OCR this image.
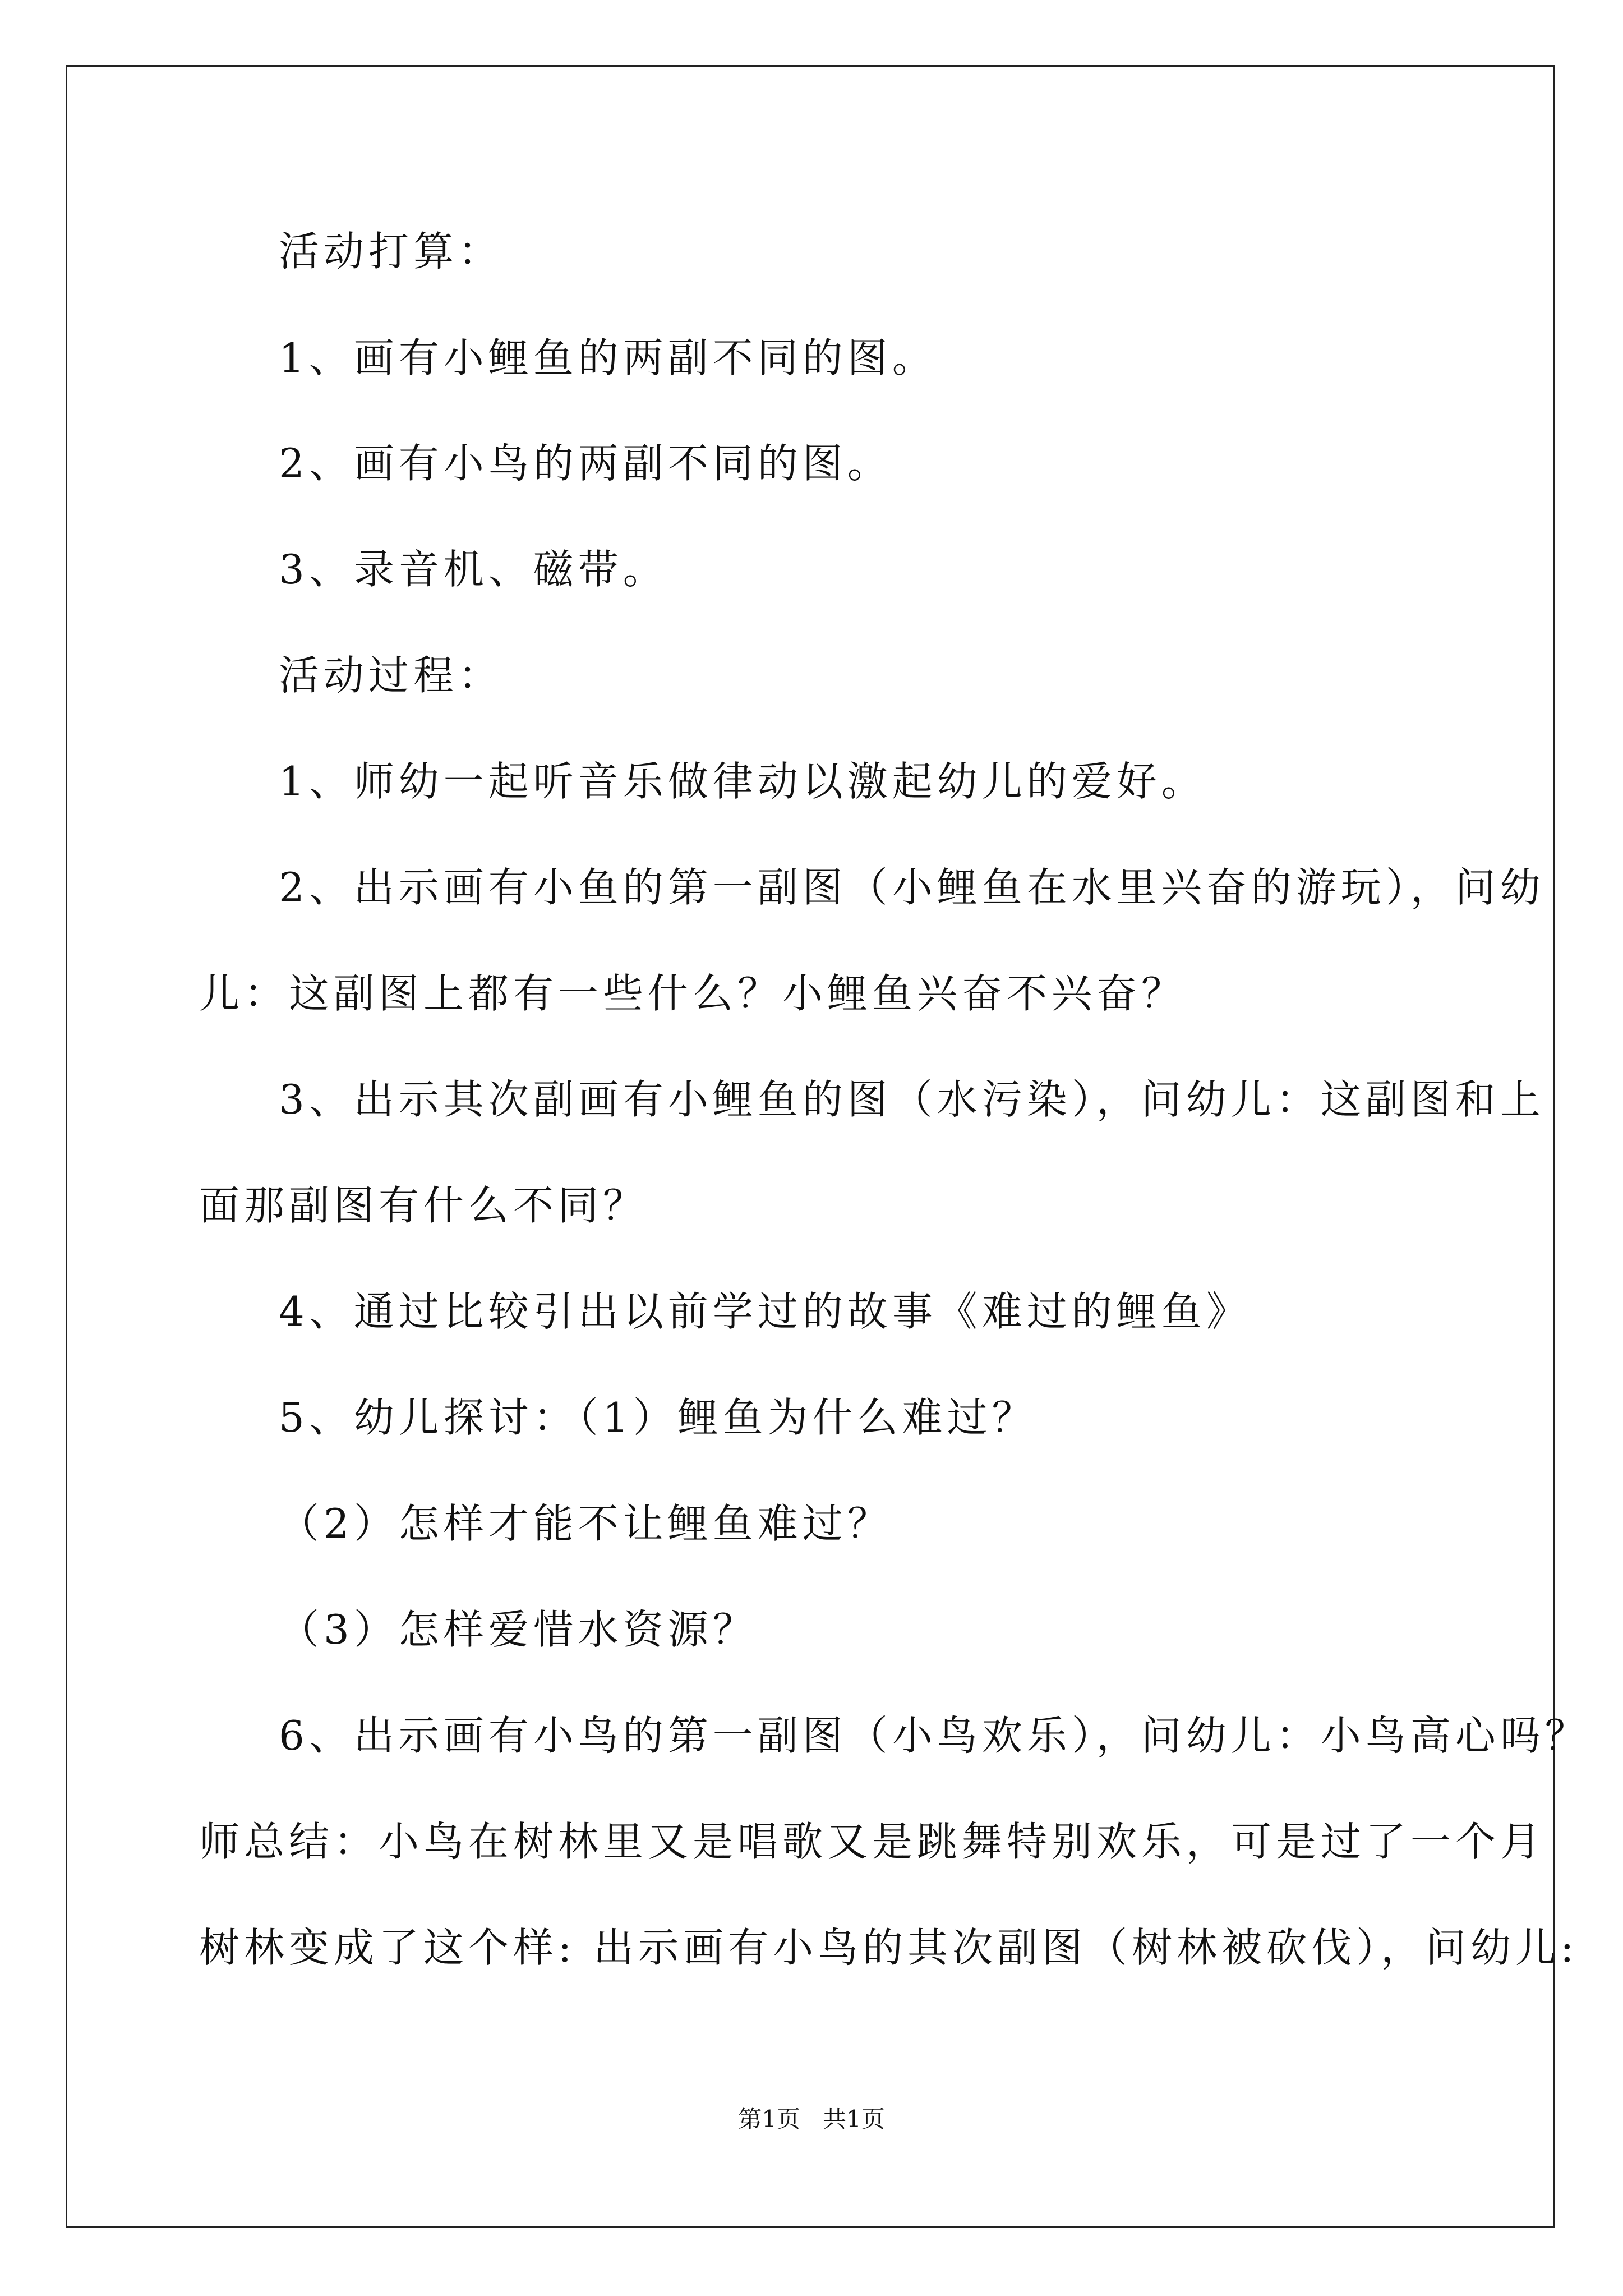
活动打算：
1、画有小鲤鱼的两副不同的图。
2、画有小鸟的两副不同的图。
3、录音机、磁带。
活动过程：
1、师幼一起听音乐做律动以激起幼儿的爱好。
2、出示画有小鱼的第一副图（小鲤鱼在水里兴奋的游玩），问幼
儿：这副图上都有一些什么？小鲤鱼兴奋不兴奋？
3、出示其次副画有小鲤鱼的图（水污染），问幼儿：这副图和上
面那副图有什么不同？
4、通过比较引出以前学过的故事《难过的鲤鱼》
5、幼儿探讨：（1）鲤鱼为什么难过？
（2）怎样才能不让鲤鱼难过？
（3）怎样爱惜水资源？
6、出示画有小鸟的第一副图（小鸟欢乐），问幼儿：小鸟高心吗？
师总结：小鸟在树林里又是唱歌又是跳舞特别欢乐，可是过了一个月
树林变成了这个样: 出示画有小鸟的其次副图（树林被砍伐），问幼儿:
第1页   共1页
